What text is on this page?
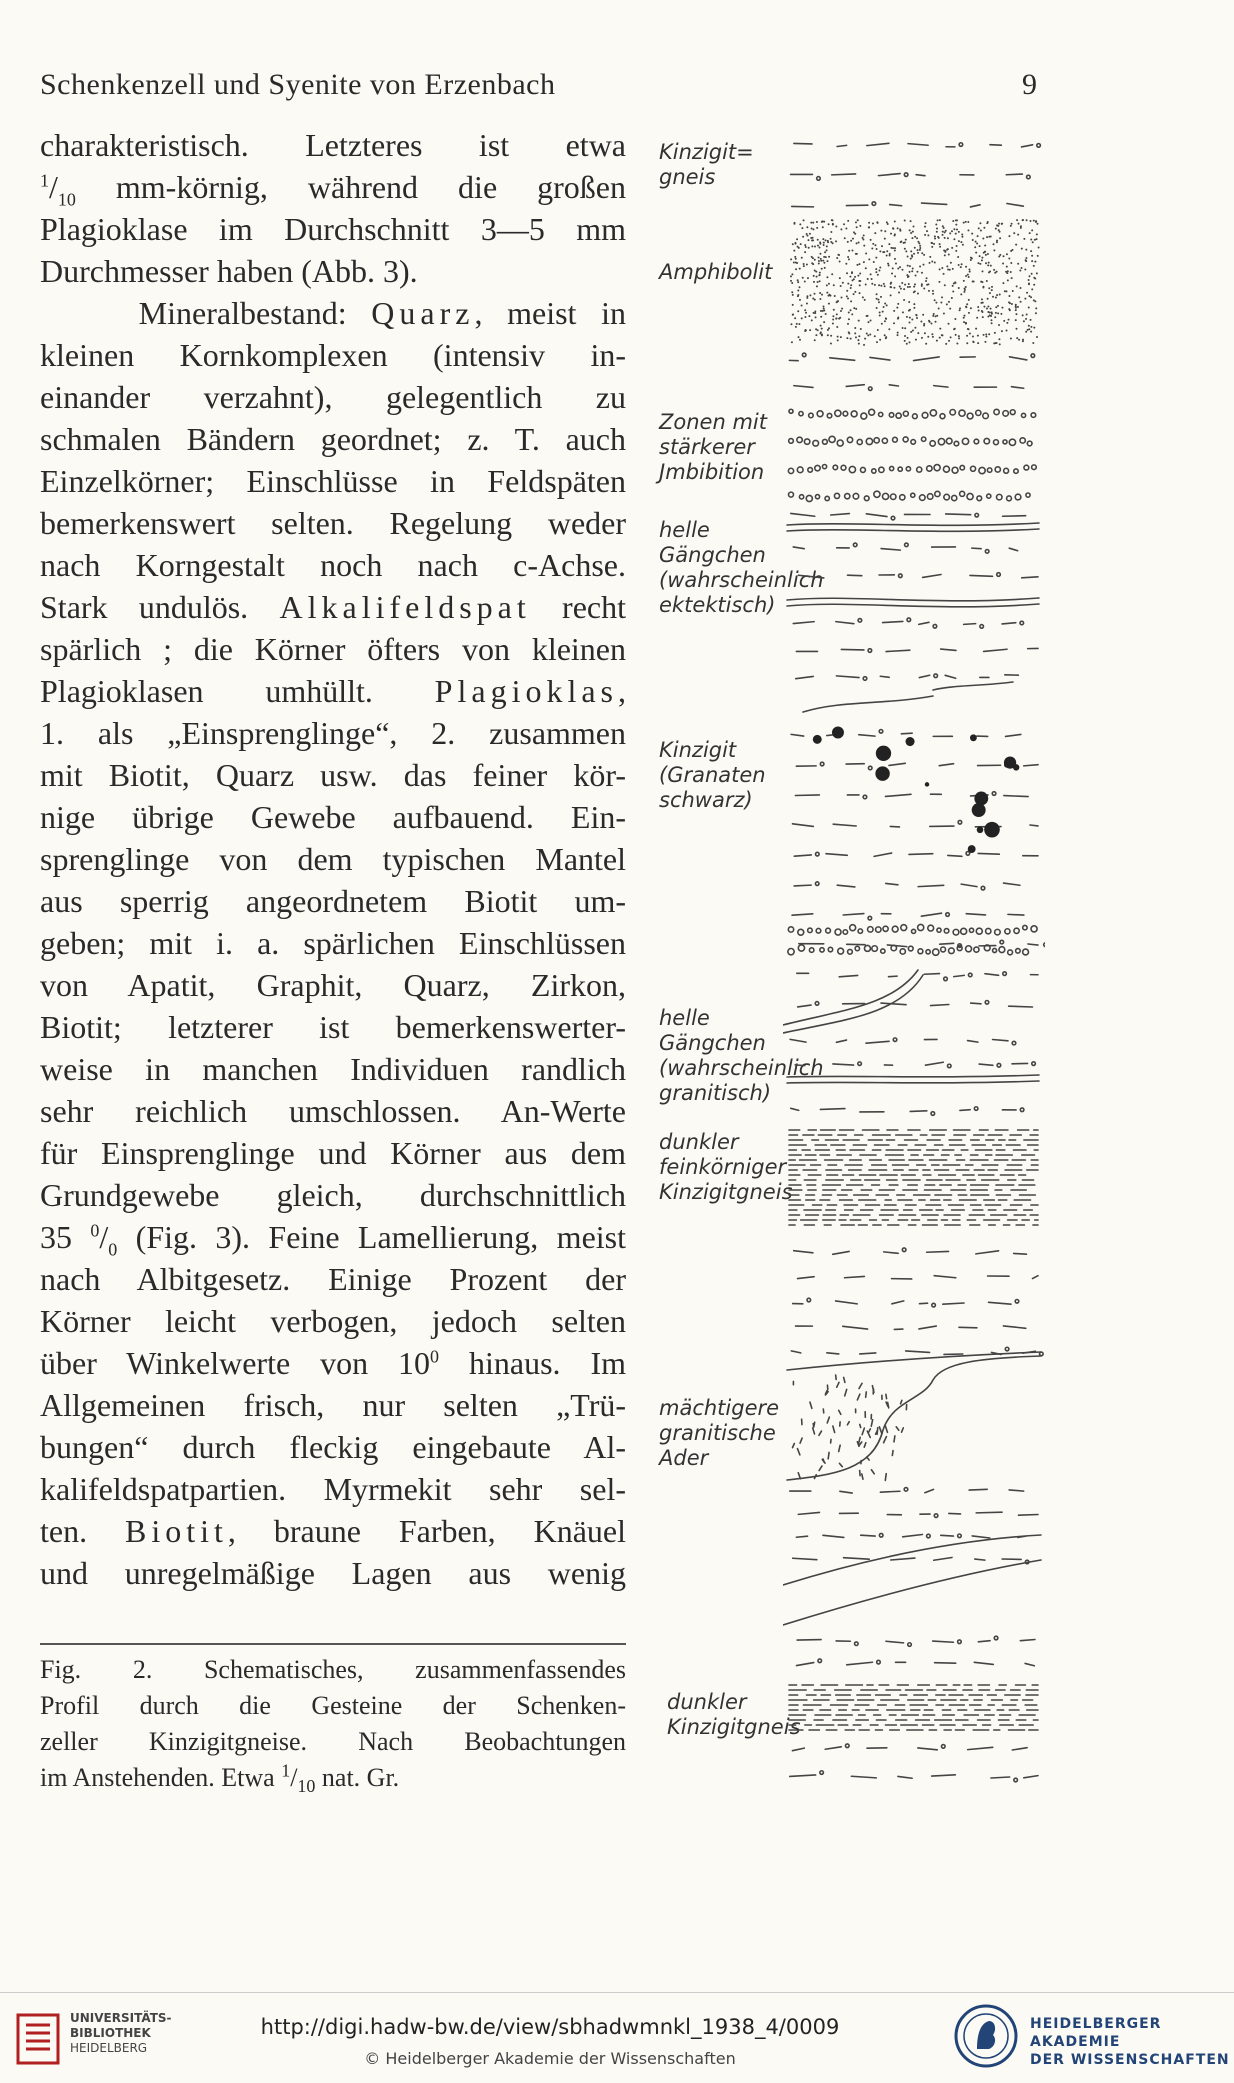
Schenkenzell und Syenite von Erzenbach	9
charakteristisch. Letzteres ist etwa
$^1/_{10}$ mm-körnig, während die großen
Plagioklase im Durchschnitt 3—5 mm
Durchmesser haben (Abb. 3).
Mineralbestand: Quarz, meist in
kleinen Kornkomplexen (intensiv in-
einander verzahnt), gelegentlich zu
schmalen Bändern geordnet; z. T. auch
Einzelkörner; Einschlüsse in Feldspäten
bemerkenswert selten. Regelung weder
nach Korngestalt noch nach c-Achse.
Stark undulös. Alkalifeldspat recht
spärlich ; die Körner öfters von kleinen
Plagioklasen umhüllt. Plagioklas,
1. als „Einsprenglinge“, 2. zusammen
mit Biotit, Quarz usw. das feiner kör-
nige übrige Gewebe aufbauend. Ein-
sprenglinge von dem typischen Mantel
aus sperrig angeordnetem Biotit um-
geben; mit i. a. spärlichen Einschlüssen
von Apatit, Graphit, Quarz, Zirkon,
Biotit; letzterer ist bemerkenswerter-
weise in manchen Individuen randlich
sehr reichlich umschlossen. An-Werte
für Einsprenglinge und Körner aus dem
Grundgewebe gleich, durchschnittlich
35 $^0/_0$ (Fig. 3). Feine Lamellierung, meist
nach Albitgesetz. Einige Prozent der
Körner leicht verbogen, jedoch selten
über Winkelwerte von $10^0$ hinaus. Im
Allgemeinen frisch, nur selten „Trü-
bungen“ durch fleckig eingebaute Al-
kalifeldspatpartien. Myrmekit sehr sel-
ten. Biotit, braune Farben, Knäuel
und unregelmäßige Lagen aus wenig
Fig. 2. Schematisches, zusammenfassendes
Profil durch die Gesteine der Schenken-
zeller Kinzigitgneise. Nach Beobachtungen
im Anstehenden. Etwa $^1/_{10}$ nat. Gr.
Kinzigit=
gneis
Amphibolit
Zonen mit
stärkerer
Jmbibition
helle
Gängchen
(wahrscheinlich
ektektisch)
Kinzigit
(Granaten
schwarz)
helle
Gängchen
(wahrscheinlich
granitisch)
dunkler
feinkörniger
Kinzigitgneis
mächtigere
granitische
Ader
dunkler
Kinzigitgneis
UNIVERSITÄTS-
BIBLIOTHEK
HEIDELBERG
http://digi.hadw-bw.de/view/sbhadwmnkl_1938_4/0009
© Heidelberger Akademie der Wissenschaften
HEIDELBERGER AKADEMIE
DER WISSENSCHAFTEN
